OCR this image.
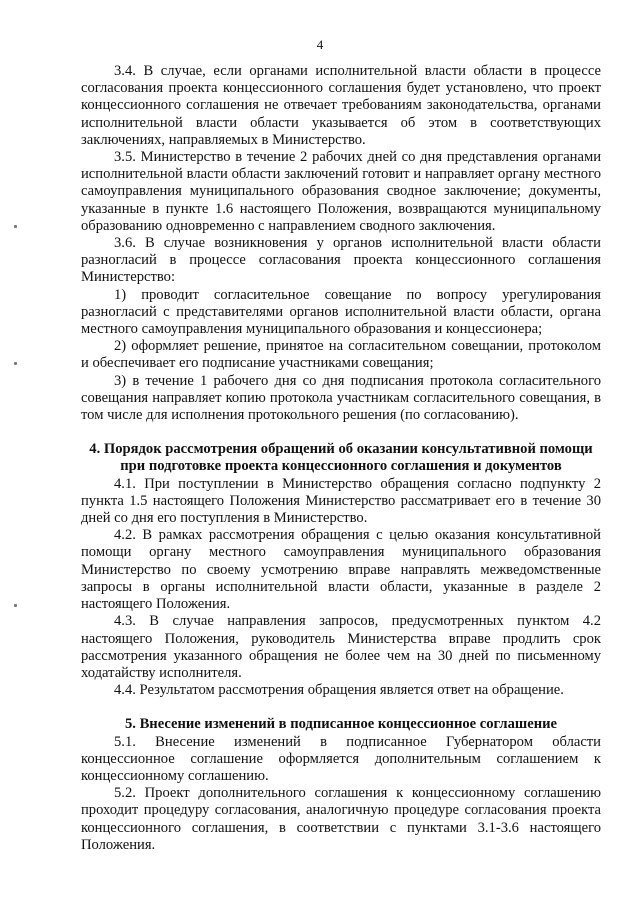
4

3.4. В случае, если органами исполнительной власти области в процессе согласования проекта концессионного соглашения будет установлено, что проект концессионного соглашения не отвечает требованиям законодательства, органами исполнительной власти области указывается об этом в соответствующих заключениях, направляемых в Министерство.

3.5. Министерство в течение 2 рабочих дней со дня представления органами исполнительной власти области заключений готовит и направляет органу местного самоуправления муниципального образования сводное заключение; документы, указанные в пункте 1.6 настоящего Положения, возвращаются муниципальному образованию одновременно с направлением сводного заключения.

3.6. В случае возникновения у органов исполнительной власти области разногласий в процессе согласования проекта концессионного соглашения Министерство:

1) проводит согласительное совещание по вопросу урегулирования разногласий с представителями органов исполнительной власти области, органа местного самоуправления муниципального образования и концессионера;

2) оформляет решение, принятое на согласительном совещании, протоколом и обеспечивает его подписание участниками совещания;

3) в течение 1 рабочего дня со дня подписания протокола согласительного совещания направляет копию протокола участникам согласительного совещания, в том числе для исполнения протокольного решения (по согласованию).

4. Порядок рассмотрения обращений об оказании консультативной помощи при подготовке проекта концессионного соглашения и документов

4.1. При поступлении в Министерство обращения согласно подпункту 2 пункта 1.5 настоящего Положения Министерство рассматривает его в течение 30 дней со дня его поступления в Министерство.

4.2. В рамках рассмотрения обращения с целью оказания консультативной помощи органу местного самоуправления муниципального образования Министерство по своему усмотрению вправе направлять межведомственные запросы в органы исполнительной власти области, указанные в разделе 2 настоящего Положения.

4.3. В случае направления запросов, предусмотренных пунктом 4.2 настоящего Положения, руководитель Министерства вправе продлить срок рассмотрения указанного обращения не более чем на 30 дней по письменному ходатайству исполнителя.

4.4. Результатом рассмотрения обращения является ответ на обращение.

5. Внесение изменений в подписанное концессионное соглашение

5.1. Внесение изменений в подписанное Губернатором области концессионное соглашение оформляется дополнительным соглашением к концессионному соглашению.

5.2. Проект дополнительного соглашения к концессионному соглашению проходит процедуру согласования, аналогичную процедуре согласования проекта концессионного соглашения, в соответствии с пунктами 3.1-3.6 настоящего Положения.
